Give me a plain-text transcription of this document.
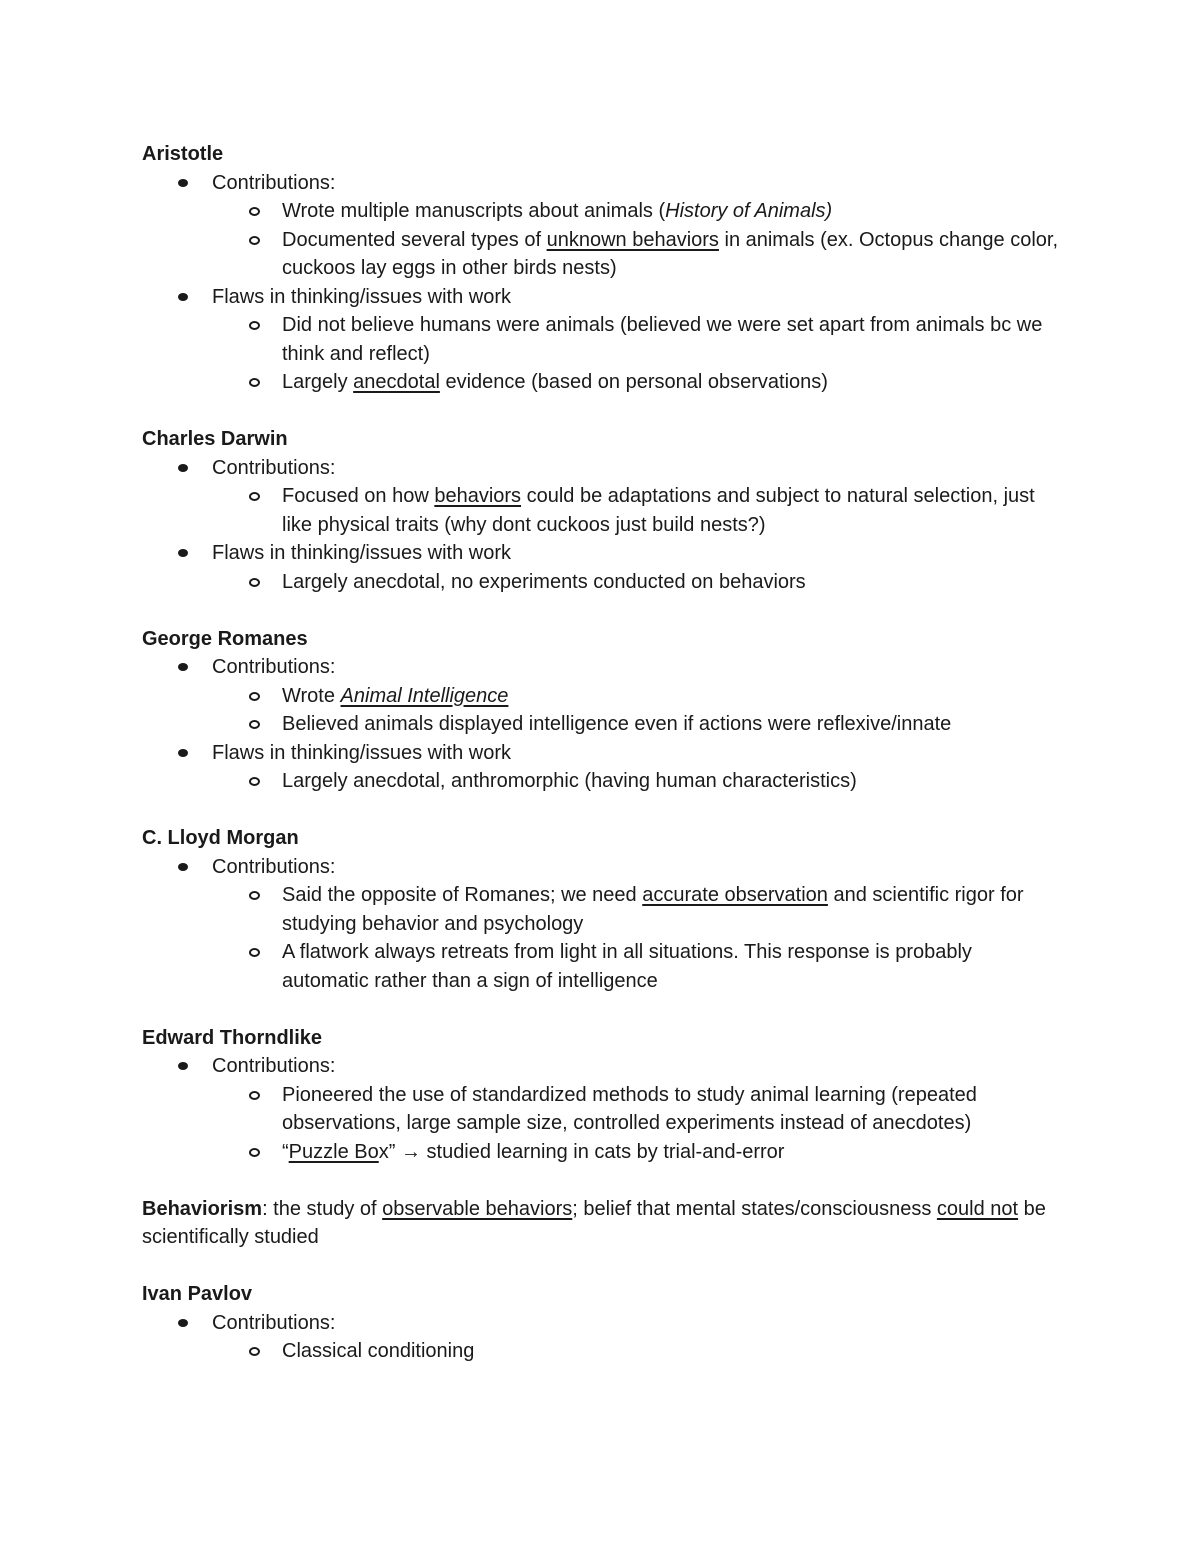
Aristotle

Contributions:
Wrote multiple manuscripts about animals (History of Animals)
Documented several types of unknown behaviors in animals (ex. Octopus change color, cuckoos lay eggs in other birds nests)
Flaws in thinking/issues with work
Did not believe humans were animals (believed we were set apart from animals bc we think and reflect)
Largely anecdotal evidence (based on personal observations)

Charles Darwin

Contributions:
Focused on how behaviors could be adaptations and subject to natural selection, just like physical traits (why dont cuckoos just build nests?)
Flaws in thinking/issues with work
Largely anecdotal, no experiments conducted on behaviors

George Romanes

Contributions:
Wrote Animal Intelligence
Believed animals displayed intelligence even if actions were reflexive/innate
Flaws in thinking/issues with work
Largely anecdotal, anthromorphic (having human characteristics)

C. Lloyd Morgan

Contributions:
Said the opposite of Romanes; we need accurate observation and scientific rigor for studying behavior and psychology
A flatwork always retreats from light in all situations. This response is probably automatic rather than a sign of intelligence

Edward Thorndlike

Contributions:
Pioneered the use of standardized methods to study animal learning (repeated observations, large sample size, controlled experiments instead of anecdotes)
“Puzzle Box” → studied learning in cats by trial-and-error

Behaviorism: the study of observable behaviors; belief that mental states/consciousness could not be scientifically studied

Ivan Pavlov

Contributions:
Classical conditioning
